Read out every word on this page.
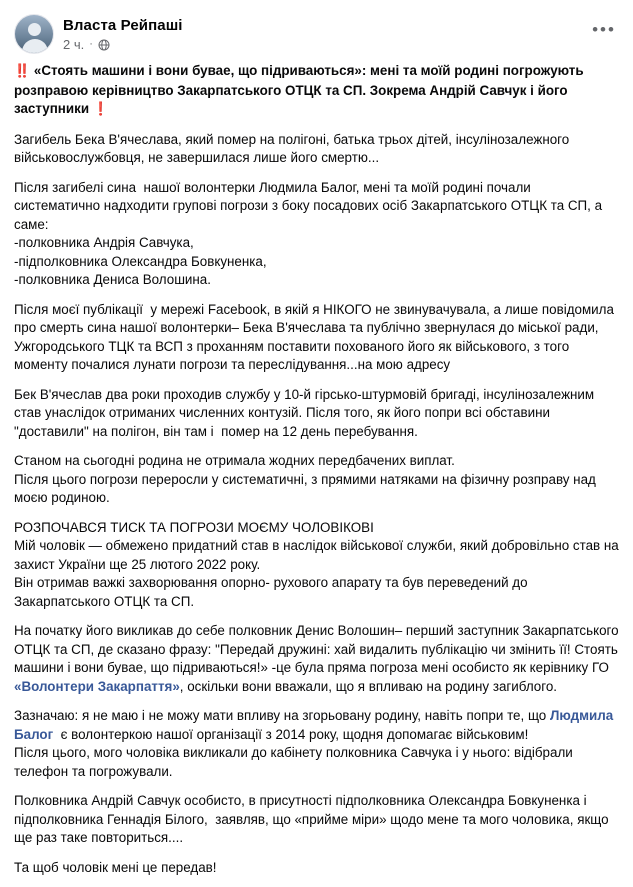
Власта Рейпаші
2 ч. ·
•••

‼️ «Стоять машини і вони бувае, що підриваються»: мені та моїй родині погрожують розправою керівництво Закарпатського ОТЦК та СП. Зокрема Андрій Савчук і його заступники ❗

Загибель Бека В'ячеслава, який помер на полігоні, батька трьох дітей, інсулінозалежного військовослужбовця, не завершилася лише його смертю...

Після загибелі сина  нашої волонтерки Людмила Балог, мені та моїй родині почали систематично надходити групові погрози з боку посадових осіб Закарпатського ОТЦК та СП, а саме:
-полковника Андрія Савчука,
-підполковника Олександра Бовкуненка,
-полковника Дениса Волошина.

Після моєї публікації  у мережі Facebook, в якій я НІКОГО не звинувачувала, а лише повідомила про смерть сина нашої волонтерки– Бека В'ячеслава та публічно звернулася до міської ради, Ужгородського ТЦК та ВСП з проханням поставити похованого його як військового, з того моменту почалися лунати погрози та переслідування...на мою адресу

Бек В'ячеслав два роки проходив службу у 10-й гірсько-штурмовій бригаді, інсулінозалежним став унаслідок отриманих численних контузій. Після того, як його попри всі обставини "доставили" на полігон, він там і  помер на 12 день перебування.

Станом на сьогодні родина не отримала жодних передбачених виплат.
Після цього погрози переросли у систематичні, з прямими натяками на фізичну розправу над моєю родиною.

РОЗПОЧАВСЯ ТИСК ТА ПОГРОЗИ МОЄМУ ЧОЛОВІКОВІ
Мій чоловік — обмежено придатний став в наслідок військової служби, який добровільно став на захист України ще 25 лютого 2022 року.
Він отримав важкі захворювання опорно- рухового апарату та був переведений до Закарпатського ОТЦК та СП.

На початку його викликав до себе полковник Денис Волошин– перший заступник Закарпатського ОТЦК та СП, де сказано фразу: "Передай дружині: хай видалить публікацію чи змінить її! Стоять машини і вони бувае, що підриваються!» -це була пряма погроза мені особисто як керівнику ГО «Волонтери Закарпаття», оскільки вони вважали, що я впливаю на родину загиблого.

Зазначаю: я не маю і не можу мати впливу на згорьовану родину, навіть попри те, що Людмила Балог  є волонтеркою нашої організації з 2014 року, щодня допомагає військовим!
Після цього, мого чоловіка викликали до кабінету полковника Савчука і у нього: відібрали телефон та погрожували.

Полковника Андрій Савчук особисто, в присутності підполковника Олександра Бовкуненка і підполковника Геннадія Білого,  заявляв, що «прийме міри» щодо мене та мого чоловика, якщо ще раз таке повториться....

Та щоб чоловік мені це передав!
